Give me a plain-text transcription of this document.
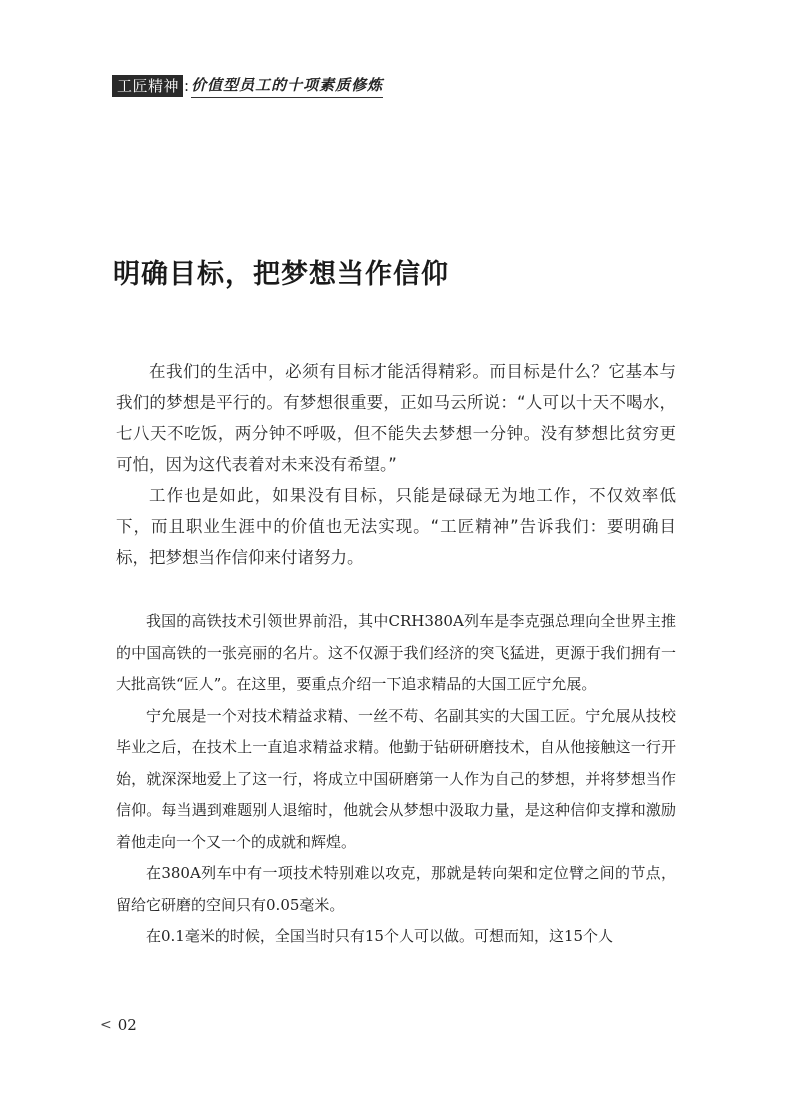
工匠精神 : 价值型员工的十项素质修炼
明确目标，把梦想当作信仰

在我们的生活中，必须有目标才能活得精彩。而目标是什么？它基本与我们的梦想是平行的。有梦想很重要，正如马云所说：“人可以十天不喝水，七八天不吃饭，两分钟不呼吸，但不能失去梦想一分钟。没有梦想比贫穷更可怕，因为这代表着对未来没有希望。”

工作也是如此，如果没有目标，只能是碌碌无为地工作，不仅效率低下，而且职业生涯中的价值也无法实现。“工匠精神”告诉我们：要明确目标，把梦想当作信仰来付诸努力。

我国的高铁技术引领世界前沿，其中CRH380A列车是李克强总理向全世界主推的中国高铁的一张亮丽的名片。这不仅源于我们经济的突飞猛进，更源于我们拥有一大批高铁“匠人”。在这里，要重点介绍一下追求精品的大国工匠宁允展。

宁允展是一个对技术精益求精、一丝不苟、名副其实的大国工匠。宁允展从技校毕业之后，在技术上一直追求精益求精。他勤于钻研研磨技术，自从他接触这一行开始，就深深地爱上了这一行，将成立中国研磨第一人作为自己的梦想，并将梦想当作信仰。每当遇到难题别人退缩时，他就会从梦想中汲取力量，是这种信仰支撑和激励着他走向一个又一个的成就和辉煌。

在380A列车中有一项技术特别难以攻克，那就是转向架和定位臂之间的节点，留给它研磨的空间只有0.05毫米。

在0.1毫米的时候，全国当时只有15个人可以做。可想而知，这15个人

< 02
